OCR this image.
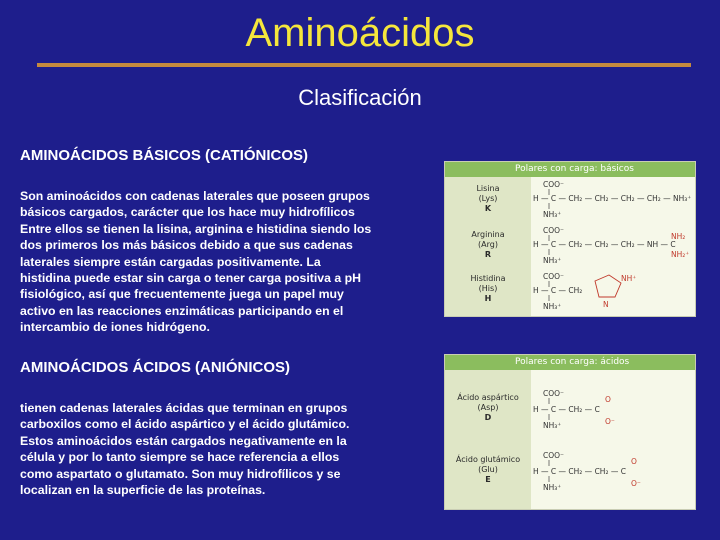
Aminoácidos
Clasificación
AMINOÁCIDOS BÁSICOS (CATIÓNICOS)
Son aminoácidos con cadenas laterales que poseen grupos
básicos cargados, carácter que los hace muy hidrofílicos
Entre ellos se tienen la lisina, arginina e histidina siendo los
dos primeros los más básicos debido a que sus cadenas
laterales siempre están cargadas positivamente. La
histidina puede estar sin carga o tener carga positiva a pH
fisiológico, así que frecuentemente juega un papel muy
activo en las reacciones enzimáticas participando en el
intercambio de iones hidrógeno.
AMINOÁCIDOS ÁCIDOS (ANIÓNICOS)
tienen cadenas laterales ácidas que terminan en grupos
carboxilos como el ácido aspártico y el ácido glutámico.
Estos aminoácidos están cargados negativamente en la
célula y por lo tanto siempre se hace referencia a ellos
como aspartato o glutamato. Son muy hidrofílicos y se
localizan en la superficie de las proteínas.
Polares con carga: básicos
Lisina
(Lys)
K
Arginina
(Arg)
R
Histidina
(His)
H
COO⁻
H — C — CH₂ — CH₂ — CH₂ — CH₂ — NH₃⁺
NH₃⁺
COO⁻
H — C — CH₂ — CH₂ — CH₂ — NH — C
NH₂
NH₂⁺
NH₃⁺
COO⁻
H — C — CH₂
NH⁺
N
NH₃⁺
Polares con carga: ácidos
Ácido aspártico
(Asp)
D
Ácido glutámico
(Glu)
E
COO⁻
H — C — CH₂ — C
O
O⁻
NH₃⁺
COO⁻
H — C — CH₂ — CH₂ — C
O
O⁻
NH₃⁺
